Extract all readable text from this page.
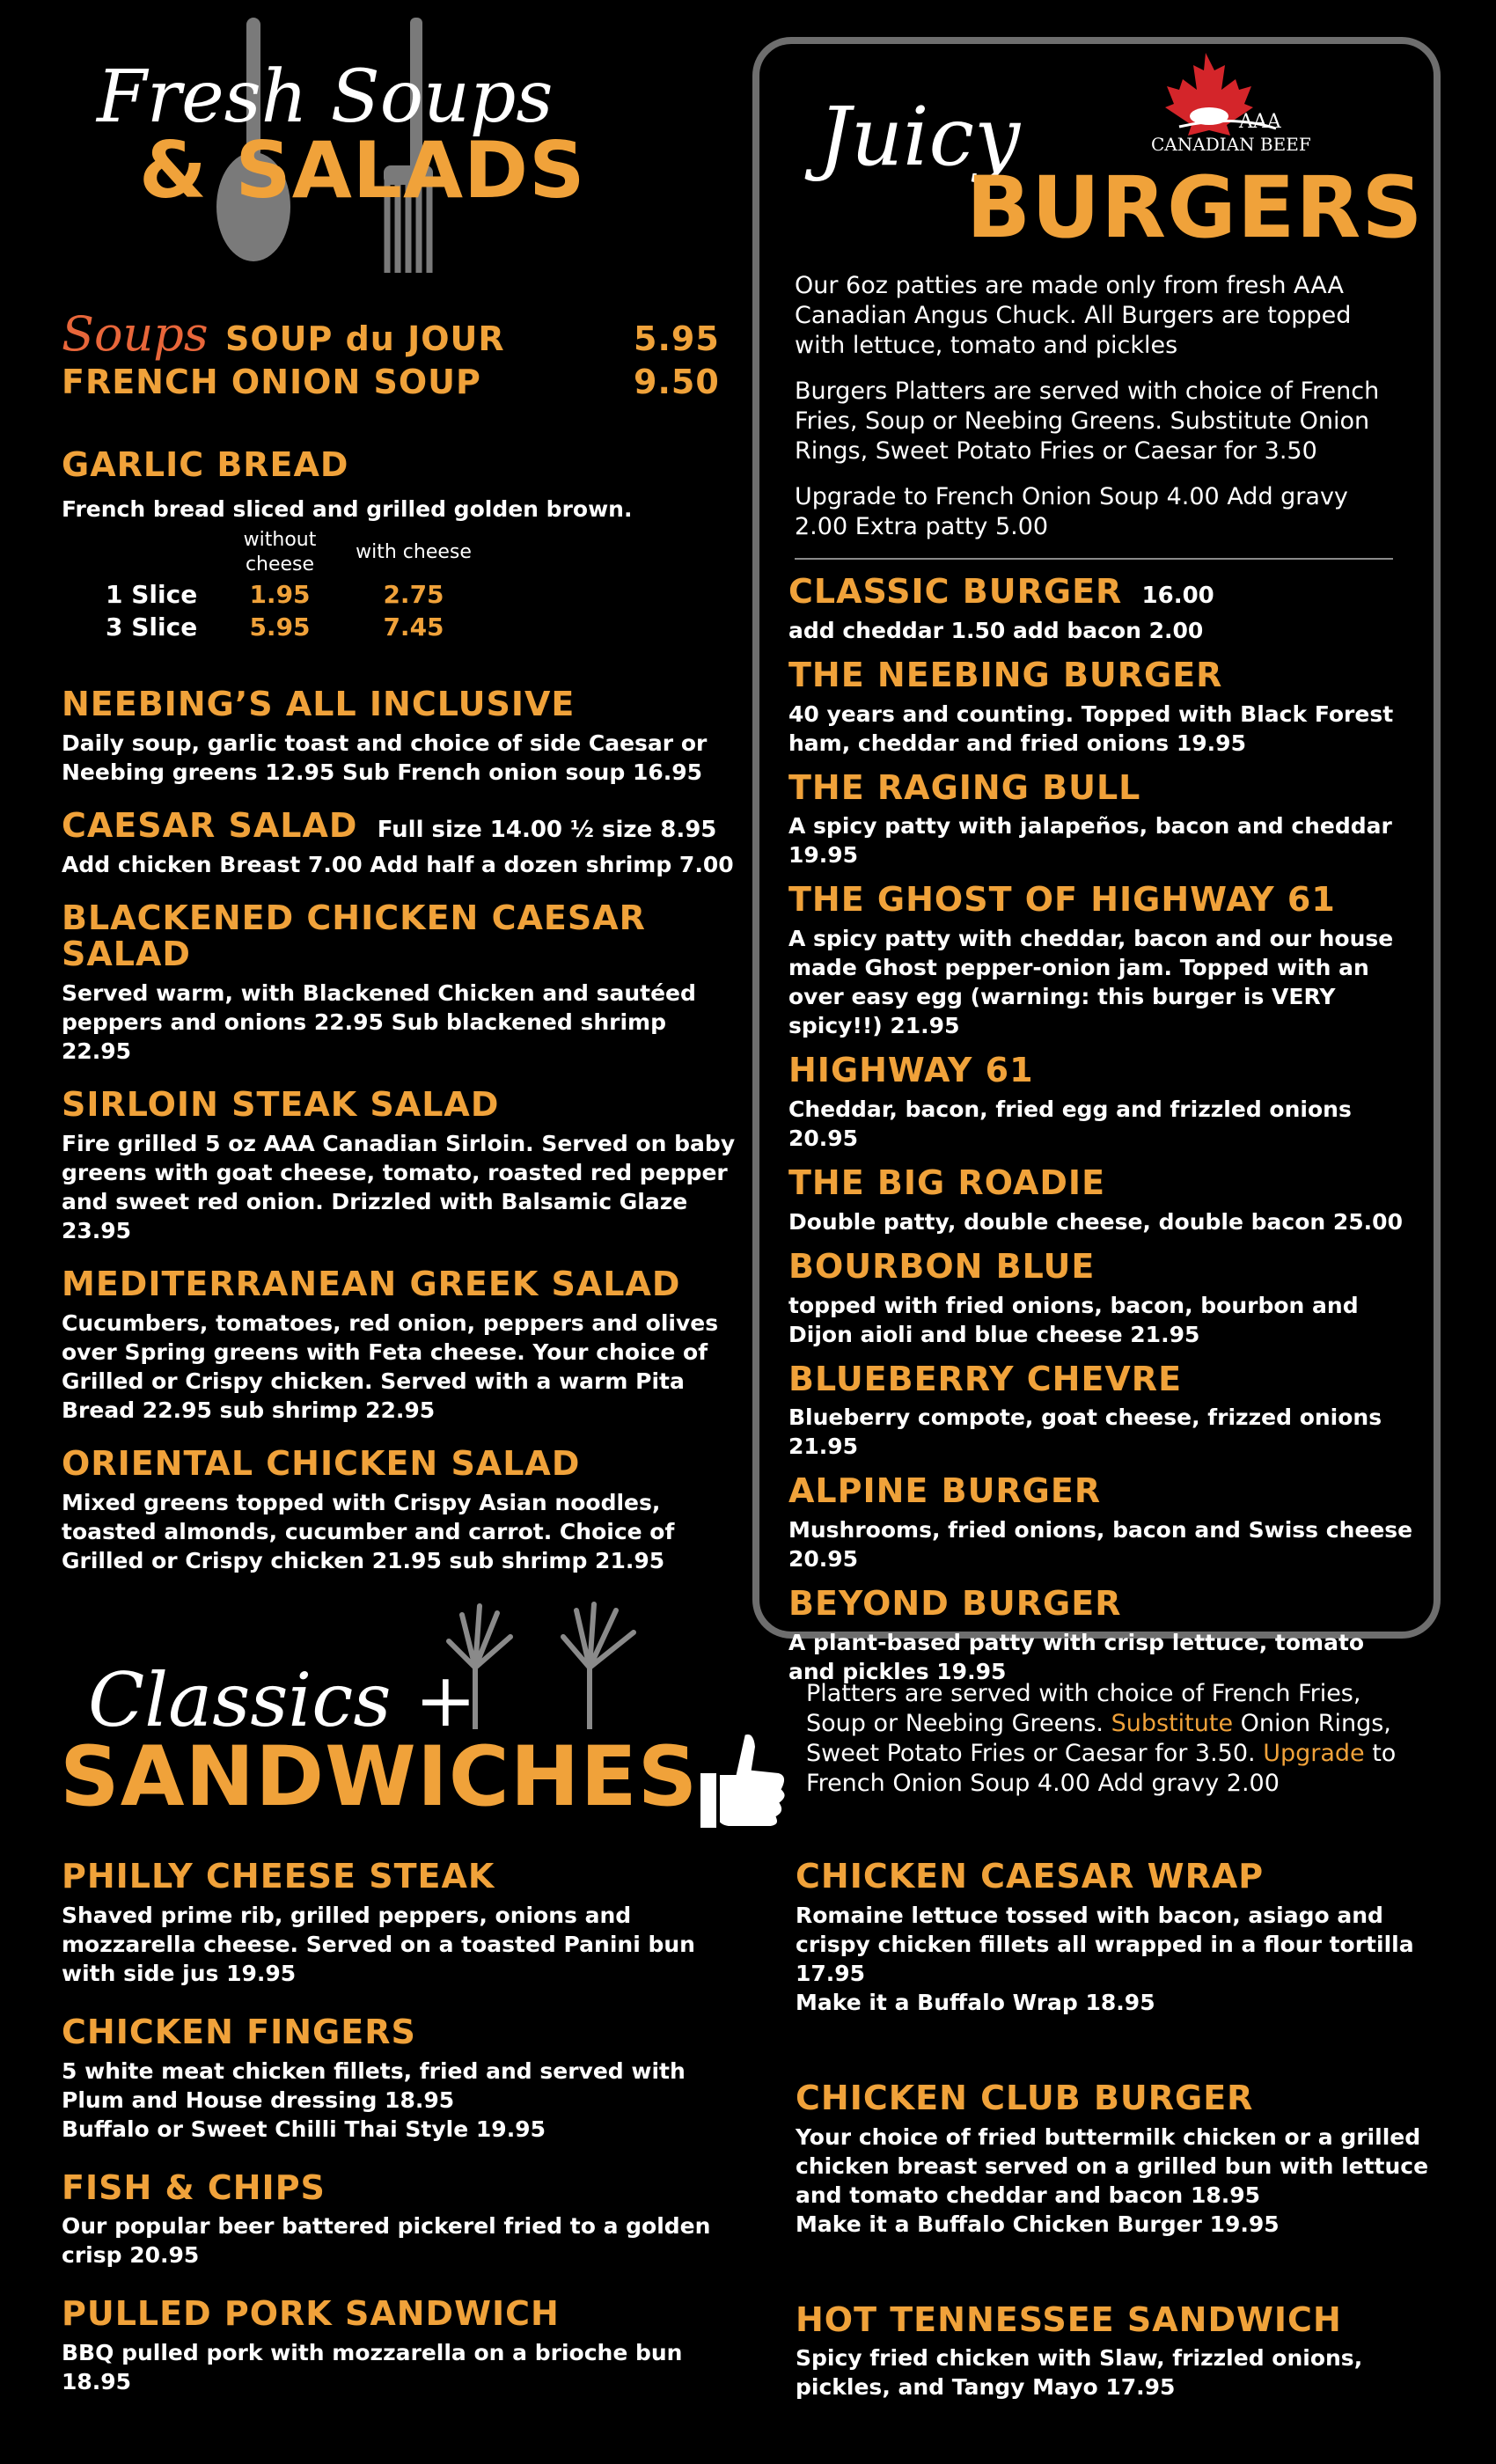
Fresh Soups
& SALADS
Soups SOUP du JOUR	5.95
FRENCH ONION SOUP	9.50

GARLIC BREAD

French bread sliced and grilled golden brown.

	without cheese	with cheese
1 Slice	1.95	2.75
3 Slice	5.95	7.45

NEEBING’S ALL INCLUSIVE

Daily soup, garlic toast and choice of side Caesar or Neebing greens 12.95 Sub French onion soup 16.95

CAESAR SALAD Full size 14.00 ½ size 8.95

Add chicken Breast 7.00 Add half a dozen shrimp 7.00

BLACKENED CHICKEN CAESAR SALAD

Served warm, with Blackened Chicken and sautéed peppers and onions 22.95 Sub blackened shrimp 22.95

SIRLOIN STEAK SALAD

Fire grilled 5 oz AAA Canadian Sirloin. Served on baby greens with goat cheese, tomato, roasted red pepper and sweet red onion. Drizzled with Balsamic Glaze 23.95

MEDITERRANEAN GREEK SALAD

Cucumbers, tomatoes, red onion, peppers and olives over Spring greens with Feta cheese. Your choice of Grilled or Crispy chicken. Served with a warm Pita Bread 22.95 sub shrimp 22.95

ORIENTAL CHICKEN SALAD

Mixed greens topped with Crispy Asian noodles, toasted almonds, cucumber and carrot. Choice of Grilled or Crispy chicken 21.95 sub shrimp 21.95

Juicy
BURGERS
AAA
CANADIAN BEEF

Our 6oz patties are made only from fresh AAA Canadian Angus Chuck. All Burgers are topped with lettuce, tomato and pickles

Burgers Platters are served with choice of French Fries, Soup or Neebing Greens. Substitute Onion Rings, Sweet Potato Fries or Caesar for 3.50

Upgrade to French Onion Soup 4.00 Add gravy 2.00 Extra patty 5.00

CLASSIC BURGER 16.00

add cheddar 1.50 add bacon 2.00

THE NEEBING BURGER

40 years and counting. Topped with Black Forest ham, cheddar and fried onions 19.95

THE RAGING BULL

A spicy patty with jalapeños, bacon and cheddar 19.95

THE GHOST OF HIGHWAY 61

A spicy patty with cheddar, bacon and our house made Ghost pepper-onion jam. Topped with an over easy egg (warning: this burger is VERY spicy!!) 21.95

HIGHWAY 61

Cheddar, bacon, fried egg and frizzled onions 20.95

THE BIG ROADIE

Double patty, double cheese, double bacon 25.00

BOURBON BLUE

topped with fried onions, bacon, bourbon and Dijon aioli and blue cheese 21.95

BLUEBERRY CHEVRE

Blueberry compote, goat cheese, frizzed onions 21.95

ALPINE BURGER

Mushrooms, fried onions, bacon and Swiss cheese 20.95

BEYOND BURGER

A plant-based patty with crisp lettuce, tomato and pickles 19.95

Classics +
SANDWICHES
Platters are served with choice of French Fries, Soup or Neebing Greens. Substitute Onion Rings, Sweet Potato Fries or Caesar for 3.50. Upgrade to French Onion Soup 4.00 Add gravy 2.00

PHILLY CHEESE STEAK

Shaved prime rib, grilled peppers, onions and mozzarella cheese. Served on a toasted Panini bun with side jus 19.95

CHICKEN FINGERS

5 white meat chicken fillets, fried and served with Plum and House dressing 18.95

Buffalo or Sweet Chilli Thai Style 19.95

FISH & CHIPS

Our popular beer battered pickerel fried to a golden crisp 20.95

PULLED PORK SANDWICH

BBQ pulled pork with mozzarella on a brioche bun 18.95

CHICKEN CAESAR WRAP

Romaine lettuce tossed with bacon, asiago and crispy chicken fillets all wrapped in a flour tortilla 17.95

Make it a Buffalo Wrap 18.95

CHICKEN CLUB BURGER

Your choice of fried buttermilk chicken or a grilled chicken breast served on a grilled bun with lettuce and tomato cheddar and bacon 18.95

Make it a Buffalo Chicken Burger 19.95

HOT TENNESSEE SANDWICH

Spicy fried chicken with Slaw, frizzled onions, pickles, and Tangy Mayo 17.95
